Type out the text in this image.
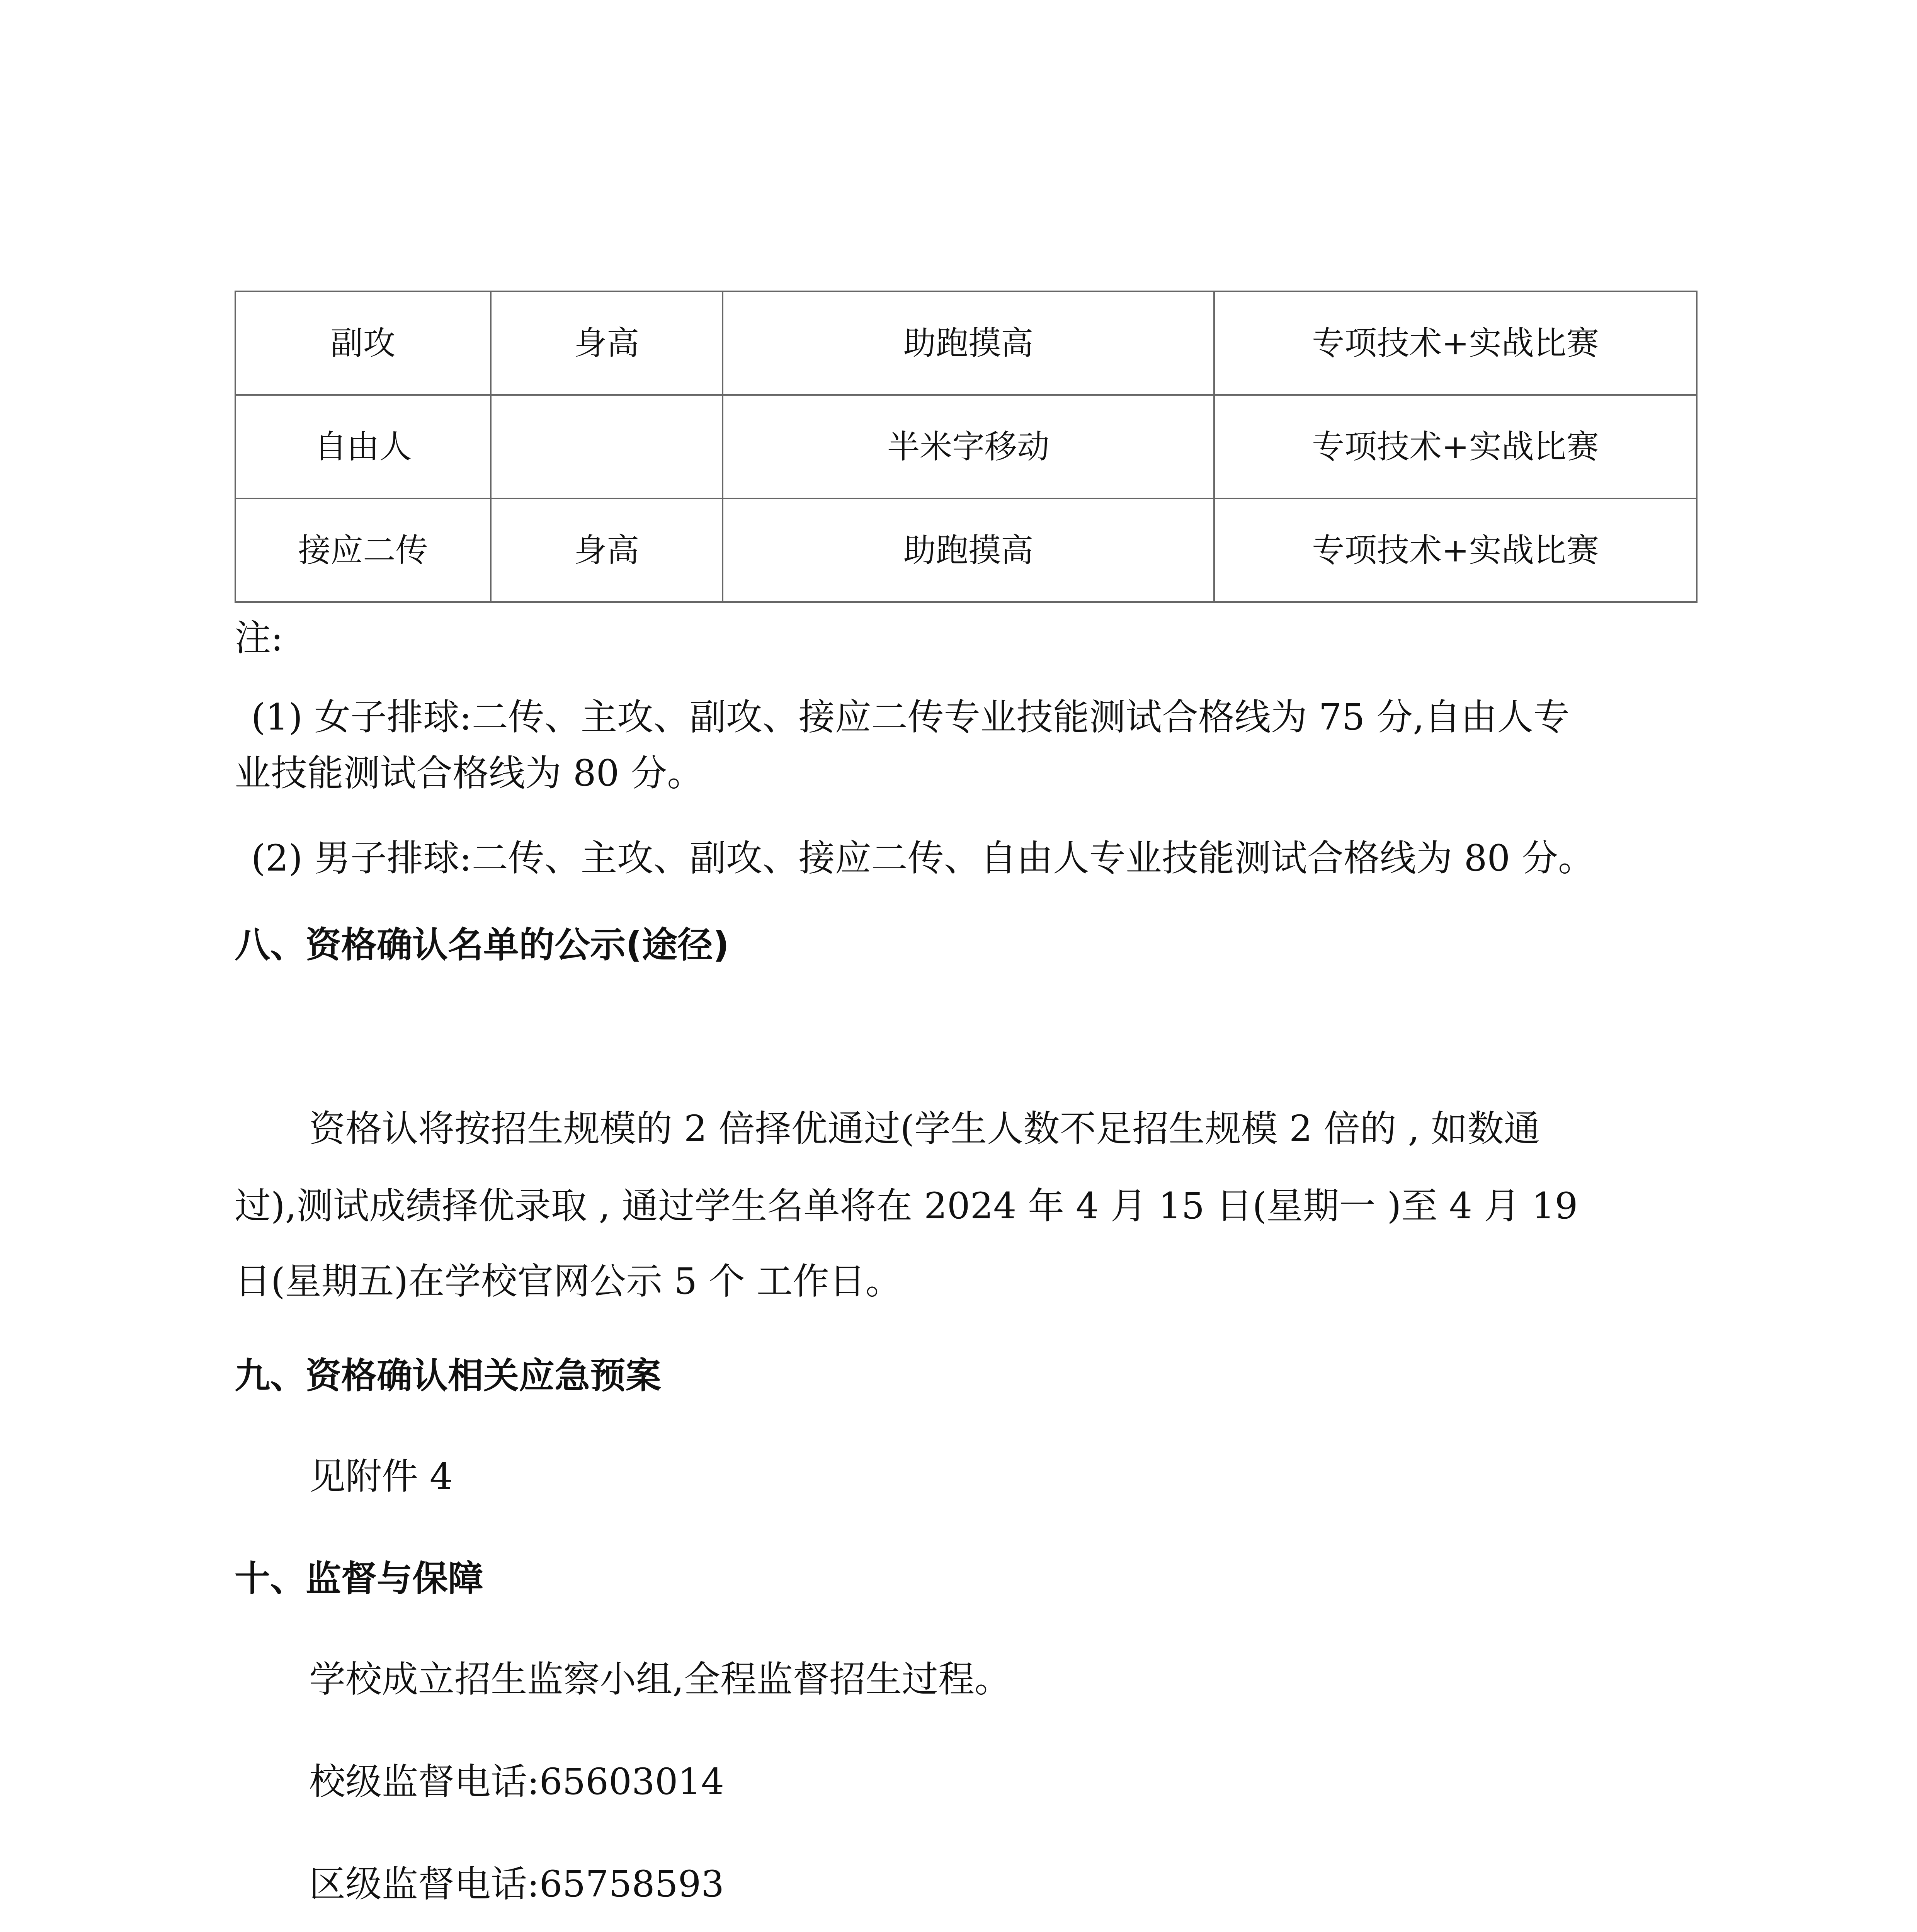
副攻	身高	助跑摸高	专项技术+实战比赛
自由人		半米字移动	专项技术+实战比赛
接应二传	身高	助跑摸高	专项技术+实战比赛
注:
(1) 女子排球:二传、主攻、副攻、接应二传专业技能测试合格线为 75 分,自由人专
业技能测试合格线为 80 分。
(2) 男子排球:二传、主攻、副攻、接应二传、自由人专业技能测试合格线为 80 分。
八、资格确认名单的公示(途径)
资格认将按招生规模的 2 倍择优通过(学生人数不足招生规模 2 倍的 , 如数通
过),测试成绩择优录取 , 通过学生名单将在 2024 年 4 月 15 日(星期一 )至 4 月 19
日(星期五)在学校官网公示 5 个 工作日。
九、资格确认相关应急预案
见附件 4
十、监督与保障
学校成立招生监察小组,全程监督招生过程。
校级监督电话:65603014
区级监督电话:65758593
